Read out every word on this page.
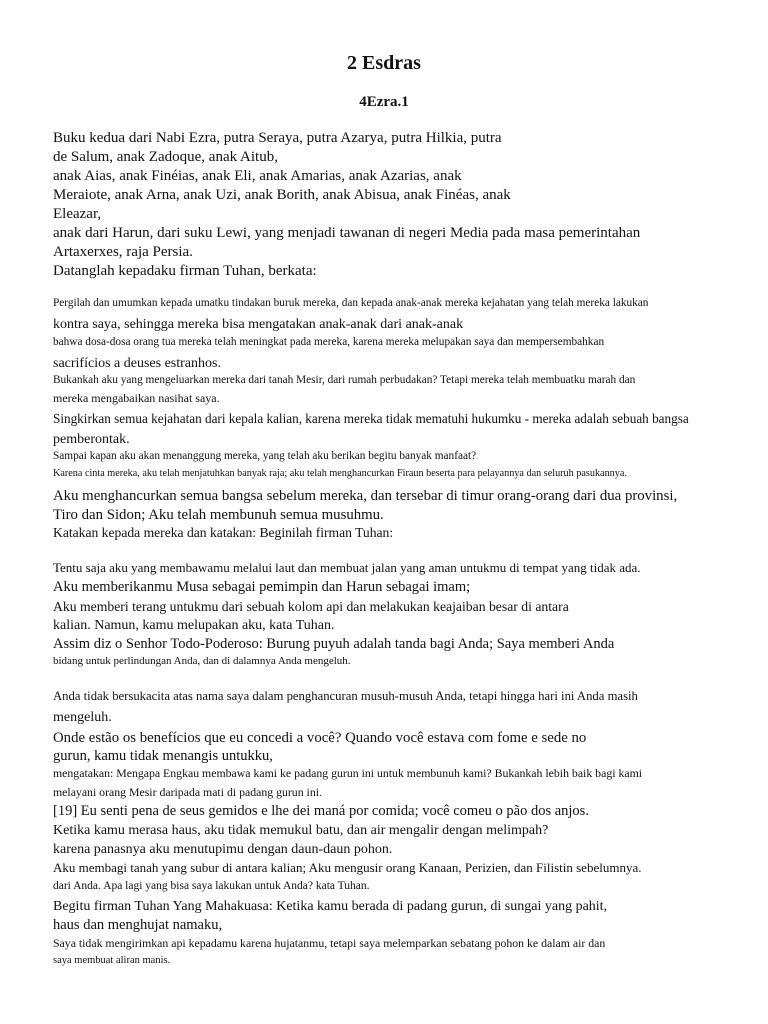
2 Esdras
4Ezra.1
Buku kedua dari Nabi Ezra, putra Seraya, putra Azarya, putra Hilkia, putra
de Salum, anak Zadoque, anak Aitub,
anak Aias, anak Finéias, anak Eli, anak Amarias, anak Azarias, anak
Meraiote, anak Arna, anak Uzi, anak Borith, anak Abisua, anak Finéas, anak
Eleazar,
anak dari Harun, dari suku Lewi, yang menjadi tawanan di negeri Media pada masa pemerintahan
Artaxerxes, raja Persia.
Datanglah kepadaku firman Tuhan, berkata:
Pergilah dan umumkan kepada umatku tindakan buruk mereka, dan kepada anak-anak mereka kejahatan yang telah mereka lakukan
kontra saya, sehingga mereka bisa mengatakan anak-anak dari anak-anak
bahwa dosa-dosa orang tua mereka telah meningkat pada mereka, karena mereka melupakan saya dan mempersembahkan
sacrifícios a deuses estranhos.
Bukankah aku yang mengeluarkan mereka dari tanah Mesir, dari rumah perbudakan? Tetapi mereka telah membuatku marah dan
mereka mengabaikan nasihat saya.
Singkirkan semua kejahatan dari kepala kalian, karena mereka tidak mematuhi hukumku - mereka adalah sebuah bangsa
pemberontak.
Sampai kapan aku akan menanggung mereka, yang telah aku berikan begitu banyak manfaat?
Karena cinta mereka, aku telah menjatuhkan banyak raja; aku telah menghancurkan Firaun beserta para pelayannya dan seluruh pasukannya.
Aku menghancurkan semua bangsa sebelum mereka, dan tersebar di timur orang-orang dari dua provinsi,
Tiro dan Sidon; Aku telah membunuh semua musuhmu.
Katakan kepada mereka dan katakan: Beginilah firman Tuhan:
Tentu saja aku yang membawamu melalui laut dan membuat jalan yang aman untukmu di tempat yang tidak ada.
Aku memberikanmu Musa sebagai pemimpin dan Harun sebagai imam;
Aku memberi terang untukmu dari sebuah kolom api dan melakukan keajaiban besar di antara
kalian. Namun, kamu melupakan aku, kata Tuhan.
Assim diz o Senhor Todo-Poderoso: Burung puyuh adalah tanda bagi Anda; Saya memberi Anda
bidang untuk perlindungan Anda, dan di dalamnya Anda mengeluh.
Anda tidak bersukacita atas nama saya dalam penghancuran musuh-musuh Anda, tetapi hingga hari ini Anda masih
mengeluh.
Onde estão os benefícios que eu concedi a você? Quando você estava com fome e sede no
gurun, kamu tidak menangis untukku,
mengatakan: Mengapa Engkau membawa kami ke padang gurun ini untuk membunuh kami? Bukankah lebih baik bagi kami
melayani orang Mesir daripada mati di padang gurun ini.
[19] Eu senti pena de seus gemidos e lhe dei maná por comida; você comeu o pão dos anjos.
Ketika kamu merasa haus, aku tidak memukul batu, dan air mengalir dengan melimpah?
karena panasnya aku menutupimu dengan daun-daun pohon.
Aku membagi tanah yang subur di antara kalian; Aku mengusir orang Kanaan, Perizien, dan Filistin sebelumnya.
dari Anda. Apa lagi yang bisa saya lakukan untuk Anda? kata Tuhan.
Begitu firman Tuhan Yang Mahakuasa: Ketika kamu berada di padang gurun, di sungai yang pahit,
haus dan menghujat namaku,
Saya tidak mengirimkan api kepadamu karena hujatanmu, tetapi saya melemparkan sebatang pohon ke dalam air dan
saya membuat aliran manis.
